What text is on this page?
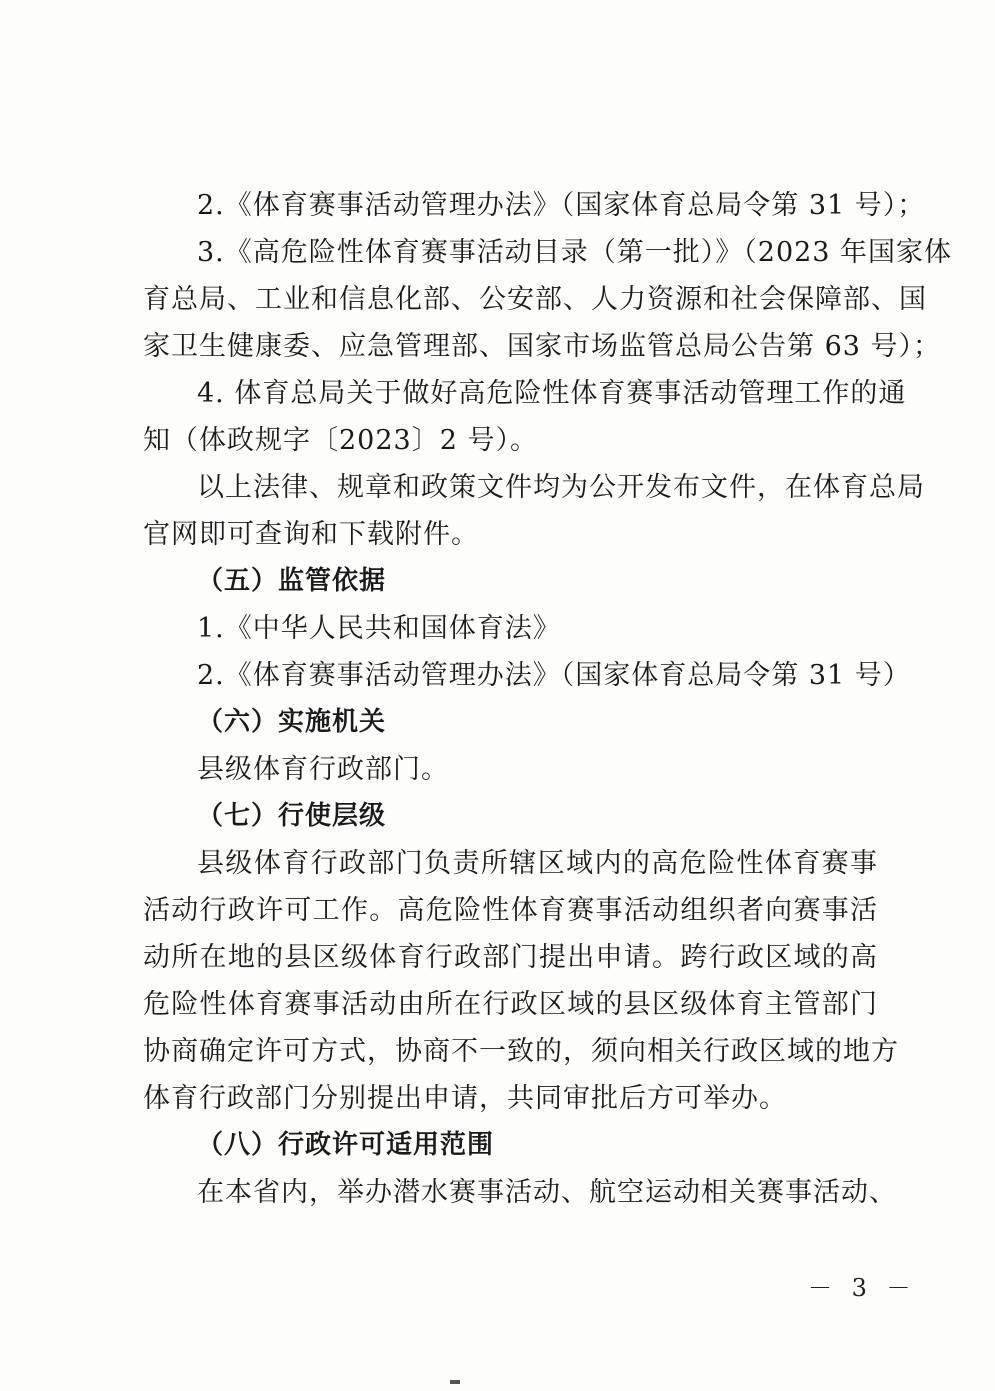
2.《体育赛事活动管理办法》（国家体育总局令第 31 号）；
3.《高危险性体育赛事活动目录（第一批）》（2023 年国家体
育总局、工业和信息化部、公安部、人力资源和社会保障部、国
家卫生健康委、应急管理部、国家市场监管总局公告第 63 号）；
4. 体育总局关于做好高危险性体育赛事活动管理工作的通
知（体政规字〔2023〕2 号）。
以上法律、规章和政策文件均为公开发布文件，在体育总局
官网即可查询和下载附件。
（五）监管依据
1.《中华人民共和国体育法》
2.《体育赛事活动管理办法》（国家体育总局令第 31 号）
（六）实施机关
县级体育行政部门。
（七）行使层级
县级体育行政部门负责所辖区域内的高危险性体育赛事
活动行政许可工作。高危险性体育赛事活动组织者向赛事活
动所在地的县区级体育行政部门提出申请。跨行政区域的高
危险性体育赛事活动由所在行政区域的县区级体育主管部门
协商确定许可方式，协商不一致的，须向相关行政区域的地方
体育行政部门分别提出申请，共同审批后方可举办。
（八）行政许可适用范围
在本省内，举办潜水赛事活动、航空运动相关赛事活动、
－ 3 －
